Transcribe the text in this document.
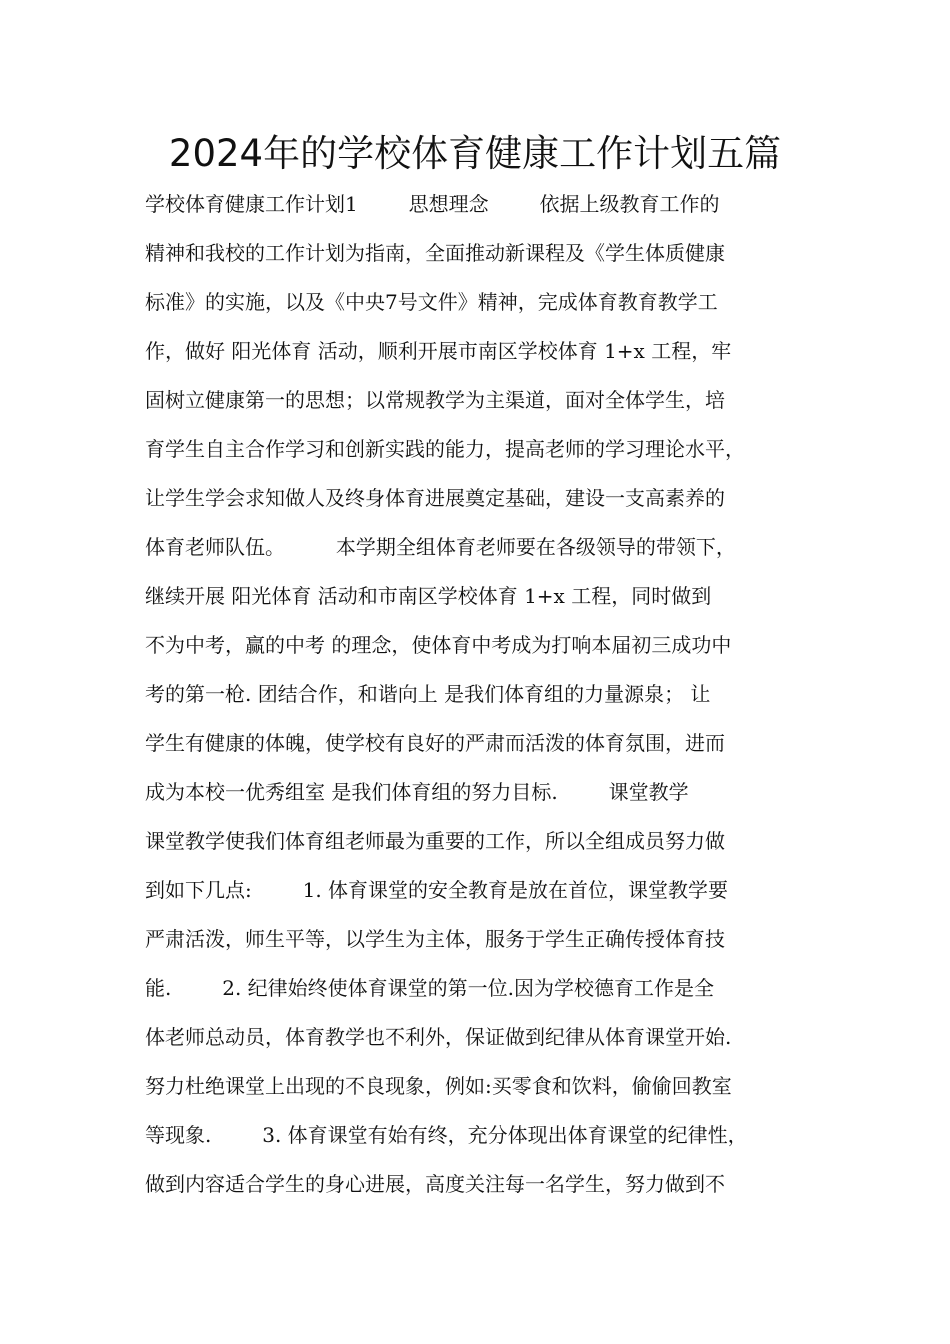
2024年的学校体育健康工作计划五篇
学校体育健康工作计划1        思想理念        依据上级教育工作的
精神和我校的工作计划为指南，全面推动新课程及《学生体质健康
标准》的实施，以及《中央7号文件》精神，完成体育教育教学工
作，做好 阳光体育 活动，顺利开展市南区学校体育 1+x 工程，牢
固树立健康第一的思想；以常规教学为主渠道，面对全体学生，培
育学生自主合作学习和创新实践的能力，提高老师的学习理论水平，
让学生学会求知做人及终身体育进展奠定基础，建设一支高素养的
体育老师队伍。        本学期全组体育老师要在各级领导的带领下，
继续开展 阳光体育 活动和市南区学校体育 1+x 工程，同时做到
不为中考，赢的中考 的理念，使体育中考成为打响本届初三成功中
考的第一枪. 团结合作，和谐向上 是我们体育组的力量源泉； 让
学生有健康的体魄，使学校有良好的严肃而活泼的体育氛围，进而
成为本校一优秀组室 是我们体育组的努力目标.        课堂教学
课堂教学使我们体育组老师最为重要的工作，所以全组成员努力做
到如下几点:        1. 体育课堂的安全教育是放在首位，课堂教学要
严肃活泼，师生平等，以学生为主体，服务于学生正确传授体育技
能.        2. 纪律始终使体育课堂的第一位.因为学校德育工作是全
体老师总动员，体育教学也不利外，保证做到纪律从体育课堂开始.
努力杜绝课堂上出现的不良现象，例如:买零食和饮料，偷偷回教室
等现象.        3. 体育课堂有始有终，充分体现出体育课堂的纪律性，
做到内容适合学生的身心进展，高度关注每一名学生，努力做到不
